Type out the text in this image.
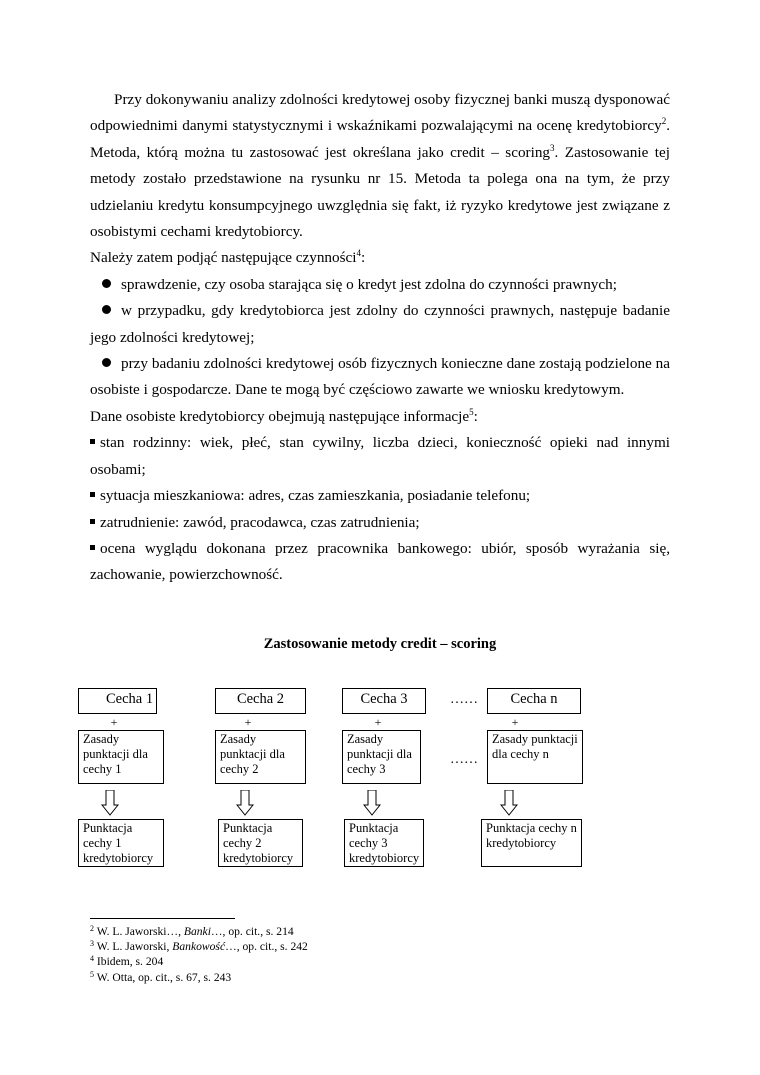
Przy dokonywaniu analizy zdolności kredytowej osoby fizycznej banki muszą dysponować odpowiednimi danymi statystycznymi i wskaźnikami pozwalającymi na ocenę kredytobiorcy$^2$. Metoda, którą można tu zastosować jest określana jako credit – scoring$^3$. Zastosowanie tej metody zostało przedstawione na rysunku nr 15. Metoda ta polega ona na tym, że przy udzielaniu kredytu konsumpcyjnego uwzględnia się fakt, iż ryzyko kredytowe jest związane z osobistymi cechami kredytobiorcy.

Należy zatem podjąć następujące czynności$^4$:

sprawdzenie, czy osoba starająca się o kredyt jest zdolna do czynności prawnych;

w przypadku, gdy kredytobiorca jest zdolny do czynności prawnych, następuje badanie jego zdolności kredytowej;

przy badaniu zdolności kredytowej osób fizycznych konieczne dane zostają podzielone na osobiste i gospodarcze. Dane te mogą być częściowo zawarte we wniosku kredytowym.

Dane osobiste kredytobiorcy obejmują następujące informacje$^5$:

stan rodzinny: wiek, płeć, stan cywilny, liczba dzieci, konieczność opieki nad innymi osobami;

sytuacja mieszkaniowa: adres, czas zamieszkania, posiadanie telefonu;

zatrudnienie: zawód, pracodawca, czas zatrudnienia;

ocena wyglądu dokonana przez pracownika bankowego: ubiór, sposób wyrażania się, zachowanie, powierzchowność.

Zastosowanie metody credit – scoring
Cecha 1	Cecha 2	Cecha 3	……	Cecha n
+	+	+	+
Zasady punktacji dla cechy 1
Zasady punktacji dla cechy 2
Zasady punktacji dla cechy 3
……
Zasady punktacji dla cechy n
Punktacja cechy 1 kredytobiorcy
Punktacja cechy 2 kredytobiorcy
Punktacja cechy 3 kredytobiorcy
Punktacja cechy n kredytobiorcy
$^2$ W. L. Jaworski…, Banki…, op. cit., s. 214
$^3$ W. L. Jaworski, Bankowość…, op. cit., s. 242
$^4$ Ibidem, s. 204
$^5$ W. Otta, op. cit., s. 67, s. 243
